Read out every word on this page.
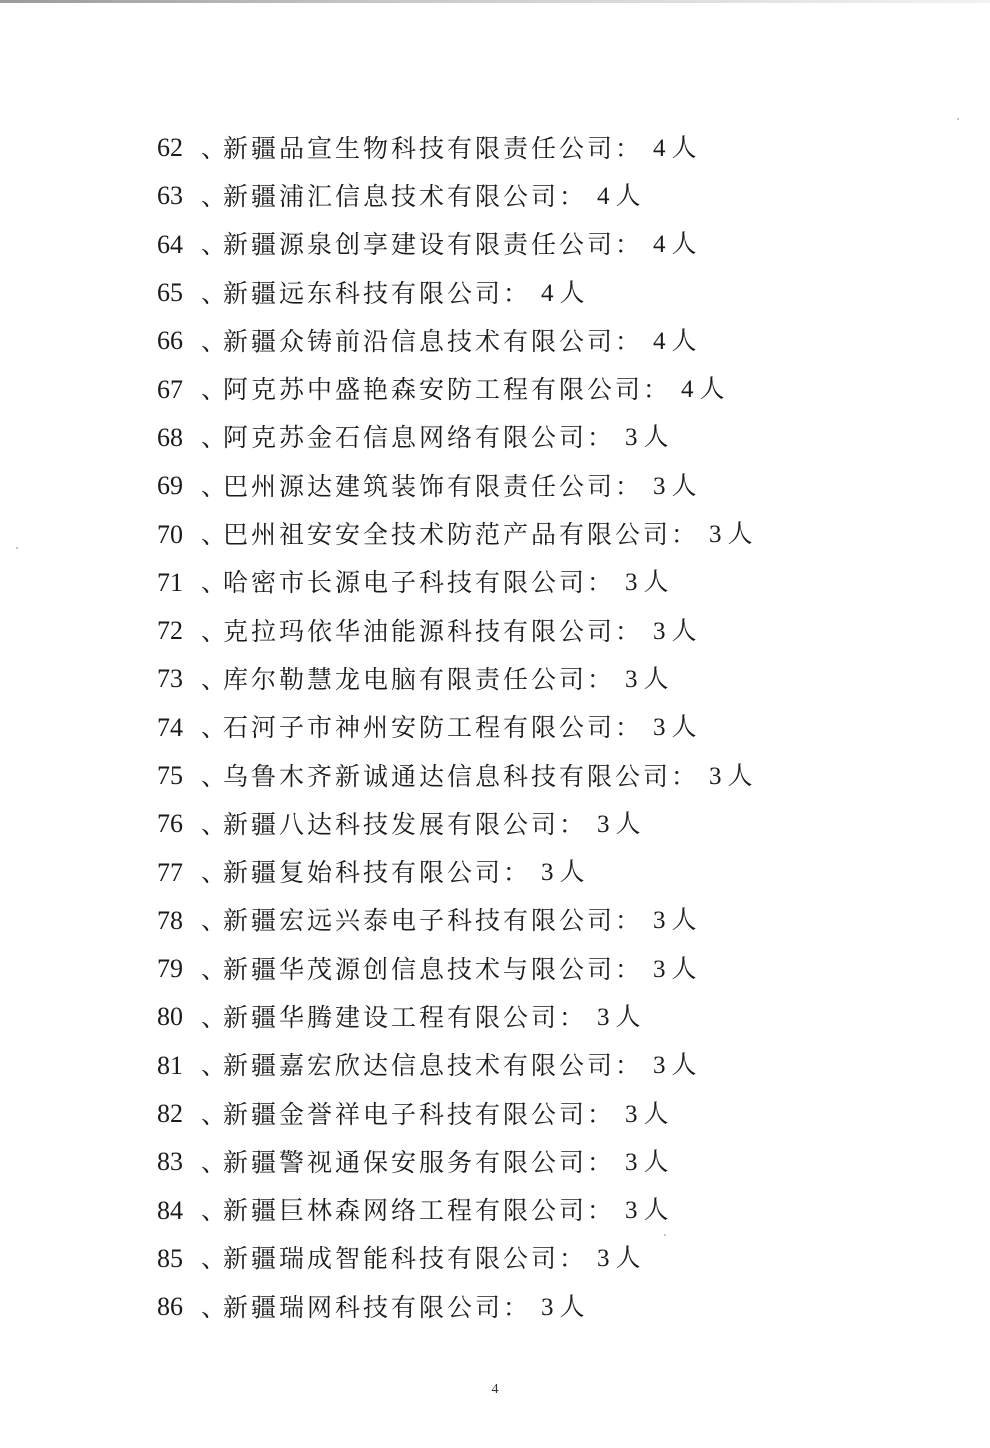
62 、
新疆品宣生物科技有限责任公司 ： 4人
63 、
新疆浦汇信息技术有限公司 ： 4人
64 、
新疆源泉创享建设有限责任公司 ： 4人
65 、
新疆远东科技有限公司 ： 4人
66 、
新疆众铸前沿信息技术有限公司 ： 4人
67 、
阿克苏中盛艳森安防工程有限公司 ： 4人
68 、
阿克苏金石信息网络有限公司 ： 3人
69 、
巴州源达建筑装饰有限责任公司 ： 3人
70 、
巴州祖安安全技术防范产品有限公司 ： 3人
71 、
哈密市长源电子科技有限公司 ： 3人
72 、
克拉玛依华油能源科技有限公司 ： 3人
73 、
库尔勒慧龙电脑有限责任公司 ： 3人
74 、
石河子市神州安防工程有限公司 ： 3人
75 、
乌鲁木齐新诚通达信息科技有限公司 ： 3人
76 、
新疆八达科技发展有限公司 ： 3人
77 、
新疆复始科技有限公司 ： 3人
78 、
新疆宏远兴泰电子科技有限公司 ： 3人
79 、
新疆华茂源创信息技术与限公司 ： 3人
80 、
新疆华腾建设工程有限公司 ： 3人
81 、
新疆嘉宏欣达信息技术有限公司 ： 3人
82 、
新疆金誉祥电子科技有限公司 ： 3人
83 、
新疆警视通保安服务有限公司 ： 3人
84 、
新疆巨林森网络工程有限公司 ： 3人
85 、
新疆瑞成智能科技有限公司 ： 3人
86 、
新疆瑞网科技有限公司 ： 3人
4
